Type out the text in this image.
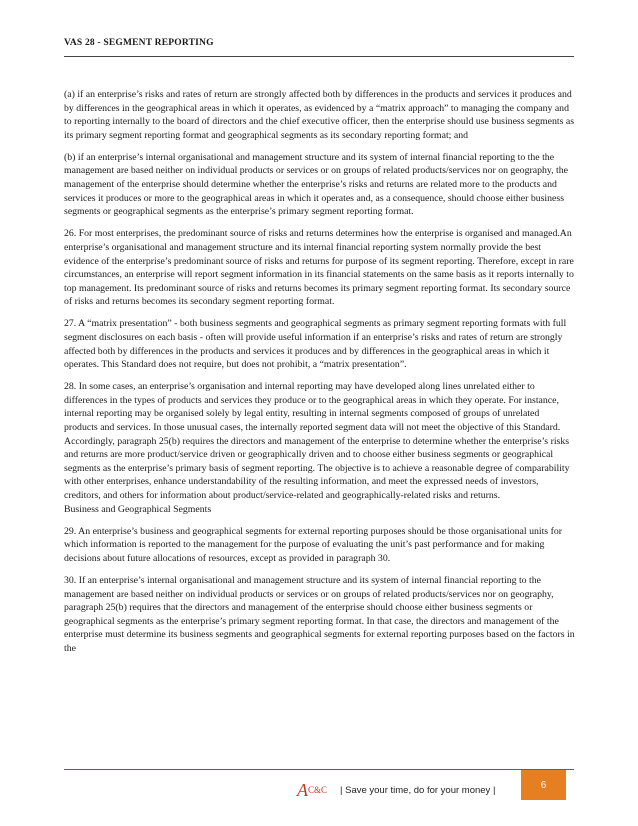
VAS 28 - SEGMENT REPORTING

(a) if an enterprise’s risks and rates of return are strongly affected both by differences in the products and services it produces and by differences in the geographical areas in which it operates, as evidenced by a “matrix approach” to managing the company and to reporting internally to the board of directors and the chief executive officer, then the enterprise should use business segments as its primary segment reporting format and geographical segments as its secondary reporting format; and

(b) if an enterprise’s internal organisational and management structure and its system of internal financial reporting to the the management are based neither on individual products or services or on groups of related products/services nor on geography, the management of the enterprise should determine whether the enterprise’s risks and returns are related more to the products and services it produces or more to the geographical areas in which it operates and, as a consequence, should choose either business segments or geographical segments as the enterprise’s primary segment reporting format.

26. For most enterprises, the predominant source of risks and returns determines how the enterprise is organised and managed.An enterprise’s organisational and management structure and its internal financial reporting system normally provide the best evidence of the enterprise’s predominant source of risks and returns for purpose of its segment reporting. Therefore, except in rare circumstances, an enterprise will report segment information in its financial statements on the same basis as it reports internally to top management. Its predominant source of risks and returns becomes its primary segment reporting format. Its secondary source of risks and returns becomes its secondary segment reporting format.

27. A “matrix presentation” - both business segments and geographical segments as primary segment reporting formats with full segment disclosures on each basis - often will provide useful information if an enterprise’s risks and rates of return are strongly affected both by differences in the products and services it produces and by differences in the geographical areas in which it operates. This Standard does not require, but does not prohibit, a “matrix presentation”.

28. In some cases, an enterprise’s organisation and internal reporting may have developed along lines unrelated either to differences in the types of products and services they produce or to the geographical areas in which they operate. For instance, internal reporting may be organised solely by legal entity, resulting in internal segments composed of groups of unrelated products and services. In those unusual cases, the internally reported segment data will not meet the objective of this Standard. Accordingly, paragraph 25(b) requires the directors and management of the enterprise to determine whether the enterprise’s risks and returns are more product/service driven or geographically driven and to choose either business segments or geographical segments as the enterprise’s primary basis of segment reporting. The objective is to achieve a reasonable degree of comparability with other enterprises, enhance understandability of the resulting information, and meet the expressed needs of investors, creditors, and others for information about product/service-related and geographically-related risks and returns.

Business and Geographical Segments

29. An enterprise’s business and geographical segments for external reporting purposes should be those organisational units for which information is reported to the management for the purpose of evaluating the unit’s past performance and for making decisions about future allocations of resources, except as provided in paragraph 30.

30. If an enterprise’s internal organisational and management structure and its system of internal financial reporting to the management are based neither on individual products or services or on groups of related products/services nor on geography, paragraph 25(b) requires that the directors and management of the enterprise should choose either business segments or geographical segments as the enterprise’s primary segment reporting format. In that case, the directors and management of the enterprise must determine its business segments and geographical segments for external reporting purposes based on the factors in the

AC&C | Save your time, do for your money |	6
